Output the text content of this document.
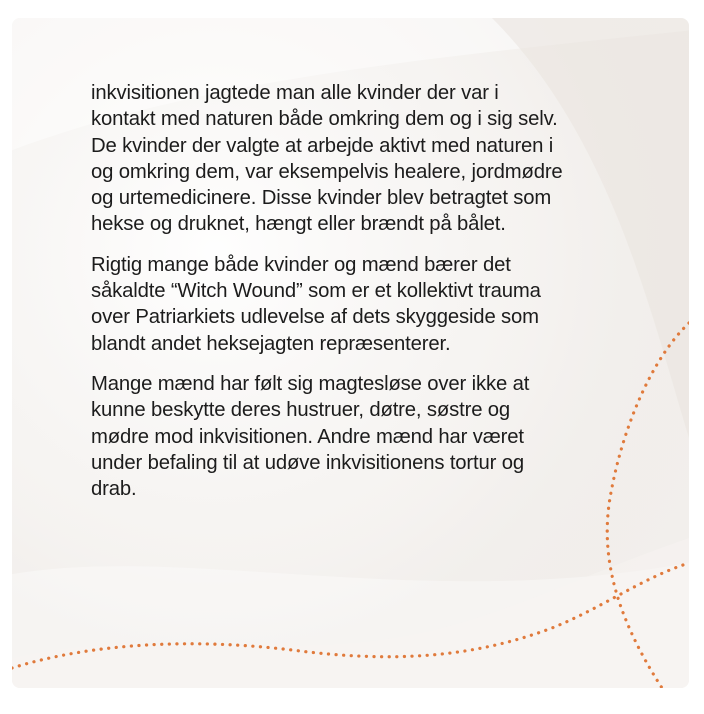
inkvisitionen jagtede man alle kvinder der var i
kontakt med naturen både omkring dem og i sig selv.
De kvinder der valgte at arbejde aktivt med naturen i
og omkring dem, var eksempelvis healere, jordmødre
og urtemedicinere. Disse kvinder blev betragtet som
hekse og druknet, hængt eller brændt på bålet.

Rigtig mange både kvinder og mænd bærer det
såkaldte “Witch Wound” som er et kollektivt trauma
over Patriarkiets udlevelse af dets skyggeside som
blandt andet heksejagten repræsenterer.

Mange mænd har følt sig magtesløse over ikke at
kunne beskytte deres hustruer, døtre, søstre og
mødre mod inkvisitionen. Andre mænd har været
under befaling til at udøve inkvisitionens tortur og
drab.
